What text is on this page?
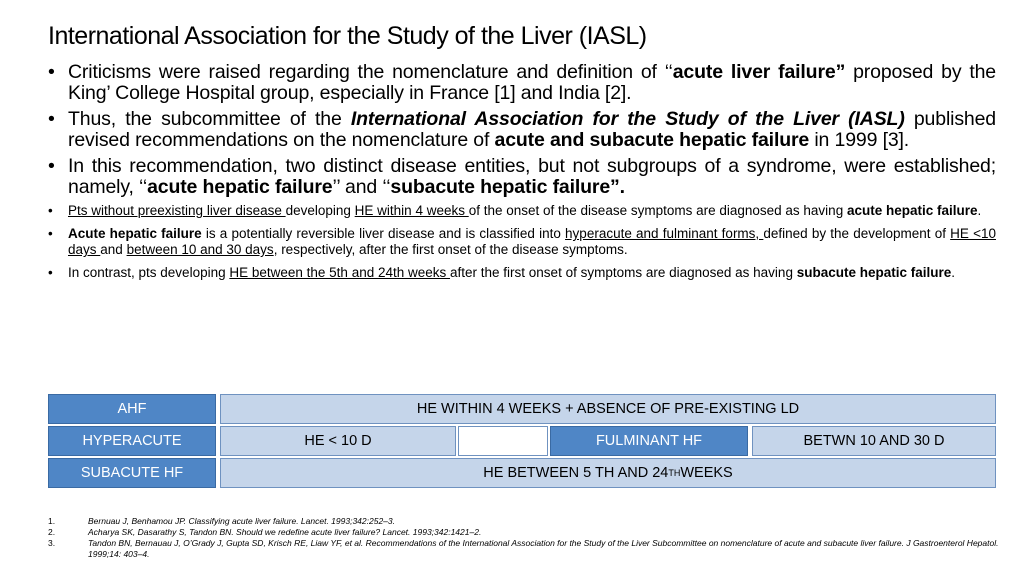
International Association for the Study of the Liver (IASL)
• Criticisms were raised regarding the nomenclature and definition of ‘‘acute liver failure” proposed by the King’ College Hospital group, especially in France [1] and India [2].
• Thus, the subcommittee of the International Association for the Study of the Liver (IASL) published revised recommendations on the nomenclature of acute and subacute hepatic failure in 1999 [3].
• In this recommendation, two distinct disease entities, but not subgroups of a syndrome, were established; namely, ‘‘acute hepatic failure’’ and ‘‘subacute hepatic failure”.
• Pts without preexisting liver disease developing HE within 4 weeks of the onset of the disease symptoms are diagnosed as having acute hepatic failure.
• Acute hepatic failure is a potentially reversible liver disease and is classified into hyperacute and fulminant forms, defined by the development of HE <10 days and between 10 and 30 days, respectively, after the first onset of the disease symptoms.
• In contrast, pts developing HE between the 5th and 24th weeks after the first onset of symptoms are diagnosed as having subacute hepatic failure.
AHF	HE WITHIN 4 WEEKS + ABSENCE OF PRE-EXISTING LD
HYPERACUTE	HE < 10 D	FULMINANT HF	BETWN 10 AND 30 D
SUBACUTE HF	HE BETWEEN 5 TH AND 24 TH WEEKS
1.	Bernuau J, Benhamou JP. Classifying acute liver failure. Lancet. 1993;342:252–3.
2.	Acharya SK, Dasarathy S, Tandon BN. Should we redefine acute liver failure? Lancet. 1993;342:1421–2.
3.	Tandon BN, Bernauau J, O’Grady J, Gupta SD, Krisch RE, Liaw YF, et al. Recommendations of the International Association for the Study of the Liver Subcommittee on nomenclature of acute and subacute liver failure. J Gastroenterol Hepatol. 1999;14: 403–4.
